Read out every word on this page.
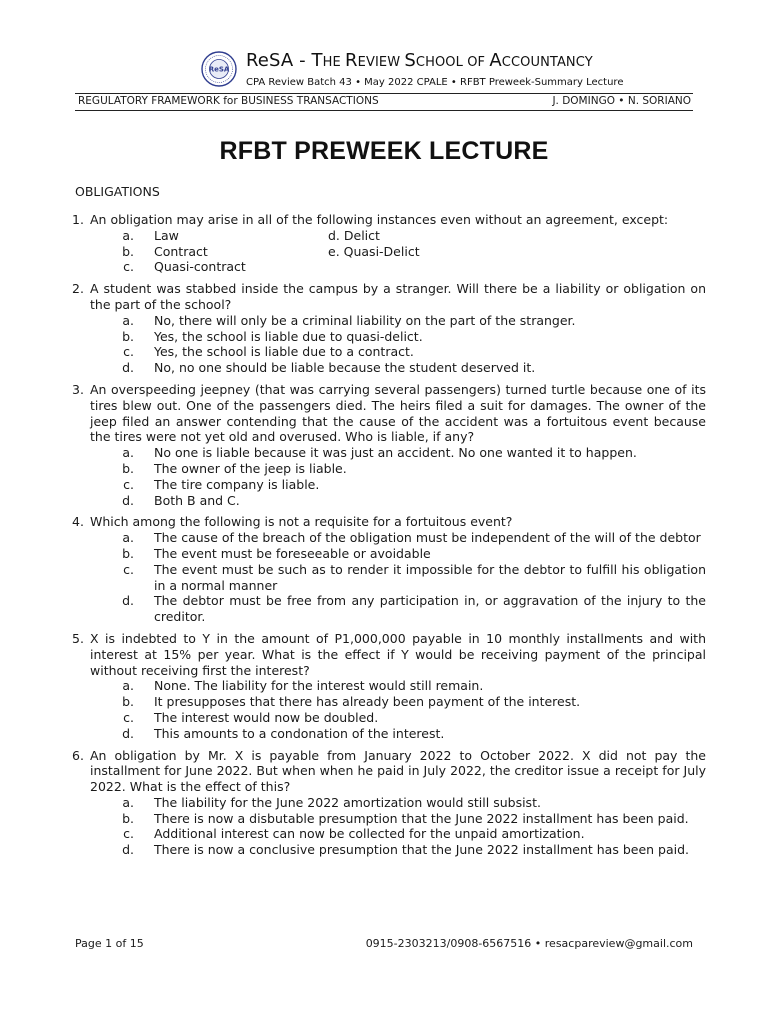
ReSA ReSA - THE REVIEW SCHOOL OF ACCOUNTANCY
CPA Review Batch 43 • May 2022 CPALE • RFBT Preweek-Summary Lecture
REGULATORY FRAMEWORK for BUSINESS TRANSACTIONS	J. DOMINGO • N. SORIANO
RFBT PREWEEK LECTURE
OBLIGATIONS
1. An obligation may arise in all of the following instances even without an agreement, except:
a.	Law
b.	Contract
c.	Quasi-contract
d. Delict
e. Quasi-Delict
2. A student was stabbed inside the campus by a stranger. Will there be a liability or obligation on the part of the school?
a.	No, there will only be a criminal liability on the part of the stranger.
b.	Yes, the school is liable due to quasi-delict.
c.	Yes, the school is liable due to a contract.
d.	No, no one should be liable because the student deserved it.
3. An overspeeding jeepney (that was carrying several passengers) turned turtle because one of its tires blew out. One of the passengers died. The heirs filed a suit for damages. The owner of the jeep filed an answer contending that the cause of the accident was a fortuitous event because the tires were not yet old and overused. Who is liable, if any?
a.	No one is liable because it was just an accident. No one wanted it to happen.
b.	The owner of the jeep is liable.
c.	The tire company is liable.
d.	Both B and C.
4. Which among the following is not a requisite for a fortuitous event?
a.	The cause of the breach of the obligation must be independent of the will of the debtor
b.	The event must be foreseeable or avoidable
c.	The event must be such as to render it impossible for the debtor to fulfill his obligation in a normal manner
d.	The debtor must be free from any participation in, or aggravation of the injury to the creditor.
5. X is indebted to Y in the amount of P1,000,000 payable in 10 monthly installments and with interest at 15% per year. What is the effect if Y would be receiving payment of the principal without receiving first the interest?
a.	None. The liability for the interest would still remain.
b.	It presupposes that there has already been payment of the interest.
c.	The interest would now be doubled.
d.	This amounts to a condonation of the interest.
6. An obligation by Mr. X is payable from January 2022 to October 2022. X did not pay the installment for June 2022. But when when he paid in July 2022, the creditor issue a receipt for July 2022. What is the effect of this?
a.	The liability for the June 2022 amortization would still subsist.
b.	There is now a disbutable presumption that the June 2022 installment has been paid.
c.	Additional interest can now be collected for the unpaid amortization.
d.	There is now a conclusive presumption that the June 2022 installment has been paid.
Page 1 of 15	0915-2303213/0908-6567516 • resacpareview@gmail.com
